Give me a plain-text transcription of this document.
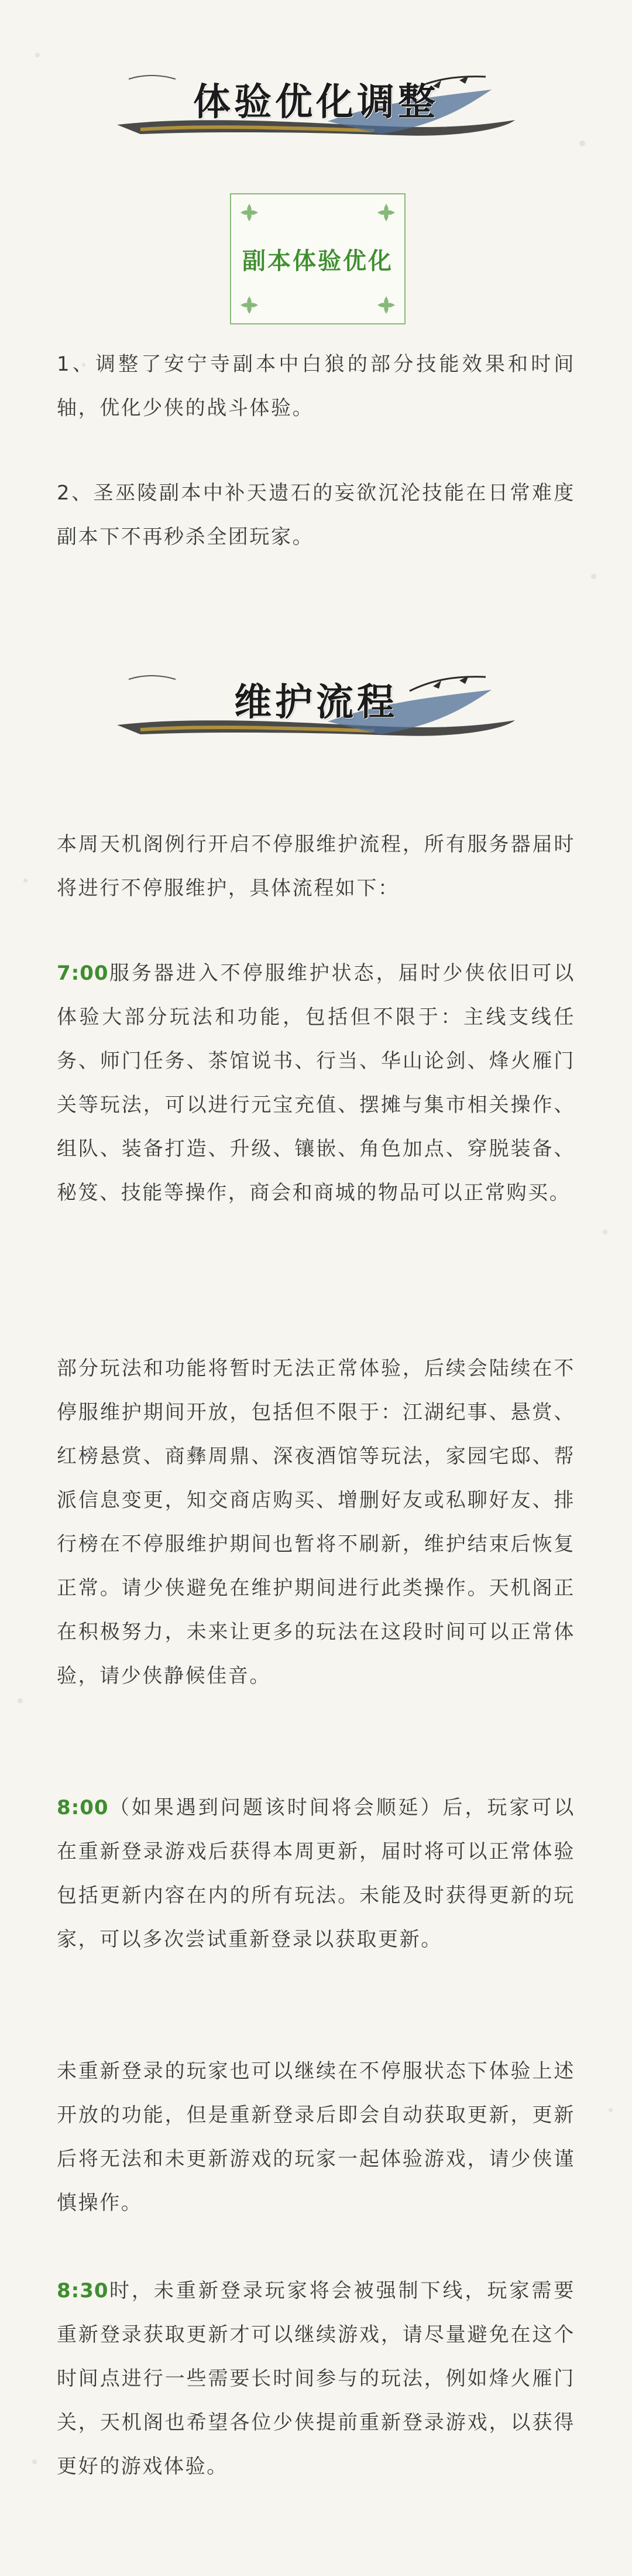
体验优化调整
副本体验优化

1、调整了安宁寺副本中白狼的部分技能效果和时间轴，优化少侠的战斗体验。

2、圣巫陵副本中补天遗石的妄欲沉沦技能在日常难度副本下不再秒杀全团玩家。

维护流程

本周天机阁例行开启不停服维护流程，所有服务器届时将进行不停服维护，具体流程如下：

7:00服务器进入不停服维护状态，届时少侠依旧可以体验大部分玩法和功能，包括但不限于：主线支线任务、师门任务、茶馆说书、行当、华山论剑、烽火雁门关等玩法，可以进行元宝充值、摆摊与集市相关操作、组队、装备打造、升级、镶嵌、角色加点、穿脱装备、秘笈、技能等操作，商会和商城的物品可以正常购买。

部分玩法和功能将暂时无法正常体验，后续会陆续在不停服维护期间开放，包括但不限于：江湖纪事、悬赏、红榜悬赏、商彝周鼎、深夜酒馆等玩法，家园宅邸、帮派信息变更，知交商店购买、增删好友或私聊好友、排行榜在不停服维护期间也暂将不刷新，维护结束后恢复正常。请少侠避免在维护期间进行此类操作。天机阁正在积极努力，未来让更多的玩法在这段时间可以正常体验，请少侠静候佳音。

8:00（如果遇到问题该时间将会顺延）后，玩家可以在重新登录游戏后获得本周更新，届时将可以正常体验包括更新内容在内的所有玩法。未能及时获得更新的玩家，可以多次尝试重新登录以获取更新。

未重新登录的玩家也可以继续在不停服状态下体验上述开放的功能，但是重新登录后即会自动获取更新，更新后将无法和未更新游戏的玩家一起体验游戏，请少侠谨慎操作。

8:30时，未重新登录玩家将会被强制下线，玩家需要重新登录获取更新才可以继续游戏，请尽量避免在这个时间点进行一些需要长时间参与的玩法，例如烽火雁门关，天机阁也希望各位少侠提前重新登录游戏，以获得更好的游戏体验。
